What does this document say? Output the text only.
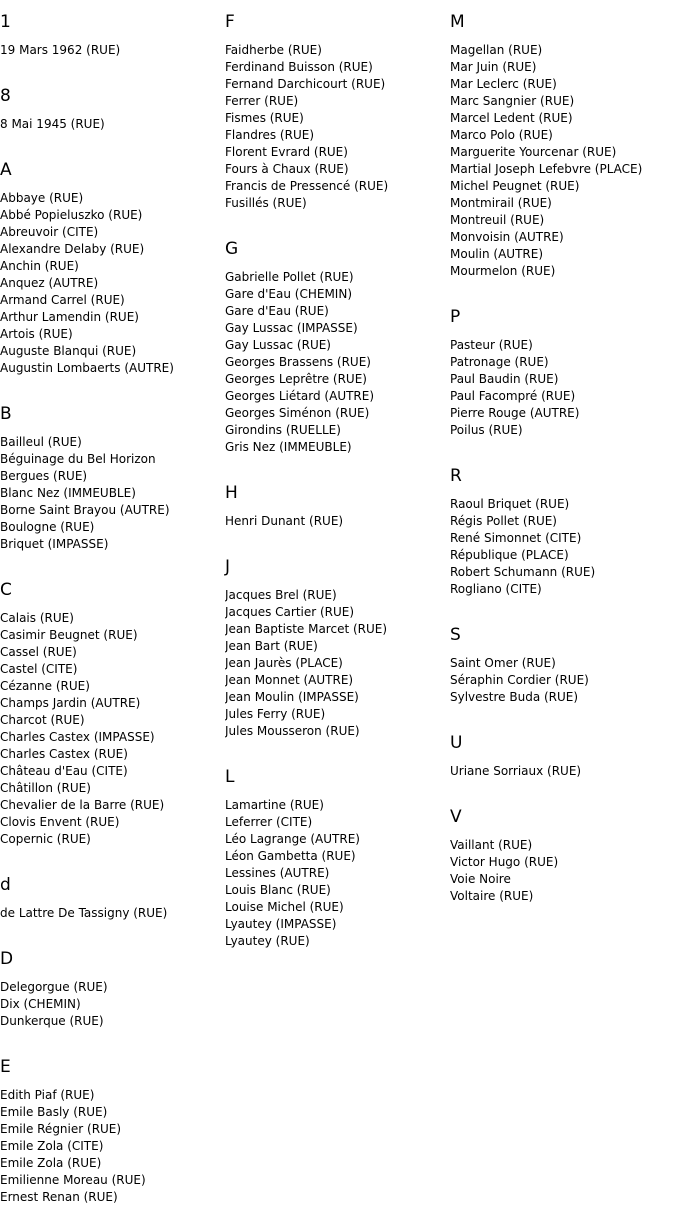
1
19 Mars 1962 (RUE)
8
8 Mai 1945 (RUE)
A
Abbaye (RUE)
Abbé Popieluszko (RUE)
Abreuvoir (CITE)
Alexandre Delaby (RUE)
Anchin (RUE)
Anquez (AUTRE)
Armand Carrel (RUE)
Arthur Lamendin (RUE)
Artois (RUE)
Auguste Blanqui (RUE)
Augustin Lombaerts (AUTRE)
B
Bailleul (RUE)
Béguinage du Bel Horizon
Bergues (RUE)
Blanc Nez (IMMEUBLE)
Borne Saint Brayou (AUTRE)
Boulogne (RUE)
Briquet (IMPASSE)
C
Calais (RUE)
Casimir Beugnet (RUE)
Cassel (RUE)
Castel (CITE)
Cézanne (RUE)
Champs Jardin (AUTRE)
Charcot (RUE)
Charles Castex (IMPASSE)
Charles Castex (RUE)
Château d'Eau (CITE)
Châtillon (RUE)
Chevalier de la Barre (RUE)
Clovis Envent (RUE)
Copernic (RUE)
d
de Lattre De Tassigny (RUE)
D
Delegorgue (RUE)
Dix (CHEMIN)
Dunkerque (RUE)
E
Edith Piaf (RUE)
Emile Basly (RUE)
Emile Régnier (RUE)
Emile Zola (CITE)
Emile Zola (RUE)
Emilienne Moreau (RUE)
Ernest Renan (RUE)
F
Faidherbe (RUE)
Ferdinand Buisson (RUE)
Fernand Darchicourt (RUE)
Ferrer (RUE)
Fismes (RUE)
Flandres (RUE)
Florent Evrard (RUE)
Fours à Chaux (RUE)
Francis de Pressencé (RUE)
Fusillés (RUE)
G
Gabrielle Pollet (RUE)
Gare d'Eau (CHEMIN)
Gare d'Eau (RUE)
Gay Lussac (IMPASSE)
Gay Lussac (RUE)
Georges Brassens (RUE)
Georges Leprêtre (RUE)
Georges Liétard (AUTRE)
Georges Siménon (RUE)
Girondins (RUELLE)
Gris Nez (IMMEUBLE)
H
Henri Dunant (RUE)
J
Jacques Brel (RUE)
Jacques Cartier (RUE)
Jean Baptiste Marcet (RUE)
Jean Bart (RUE)
Jean Jaurès (PLACE)
Jean Monnet (AUTRE)
Jean Moulin (IMPASSE)
Jules Ferry (RUE)
Jules Mousseron (RUE)
L
Lamartine (RUE)
Leferrer (CITE)
Léo Lagrange (AUTRE)
Léon Gambetta (RUE)
Lessines (AUTRE)
Louis Blanc (RUE)
Louise Michel (RUE)
Lyautey (IMPASSE)
Lyautey (RUE)
M
Magellan (RUE)
Mar Juin (RUE)
Mar Leclerc (RUE)
Marc Sangnier (RUE)
Marcel Ledent (RUE)
Marco Polo (RUE)
Marguerite Yourcenar (RUE)
Martial Joseph Lefebvre (PLACE)
Michel Peugnet (RUE)
Montmirail (RUE)
Montreuil (RUE)
Monvoisin (AUTRE)
Moulin (AUTRE)
Mourmelon (RUE)
P
Pasteur (RUE)
Patronage (RUE)
Paul Baudin (RUE)
Paul Facompré (RUE)
Pierre Rouge (AUTRE)
Poilus (RUE)
R
Raoul Briquet (RUE)
Régis Pollet (RUE)
René Simonnet (CITE)
République (PLACE)
Robert Schumann (RUE)
Rogliano (CITE)
S
Saint Omer (RUE)
Séraphin Cordier (RUE)
Sylvestre Buda (RUE)
U
Uriane Sorriaux (RUE)
V
Vaillant (RUE)
Victor Hugo (RUE)
Voie Noire
Voltaire (RUE)
